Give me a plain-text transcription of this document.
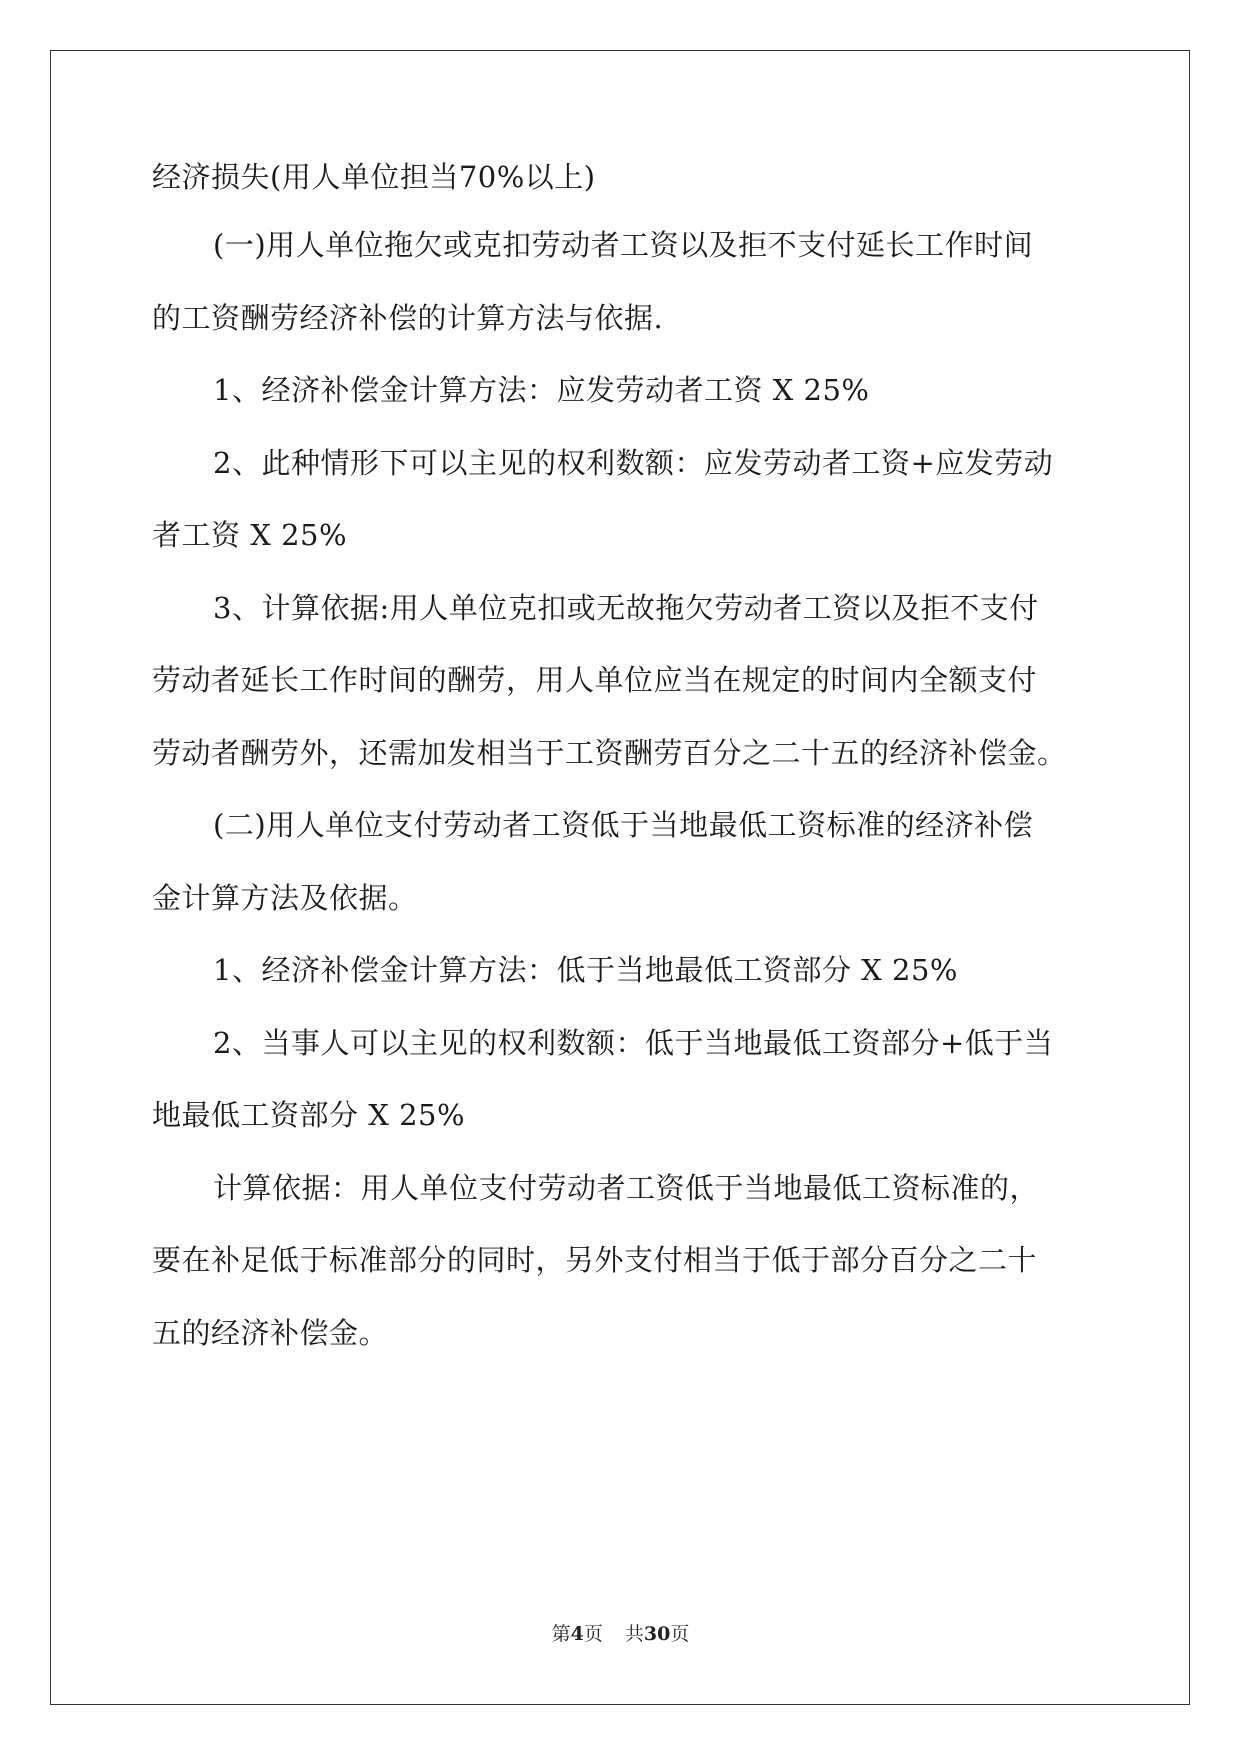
经济损失(用人单位担当70%以上)
(一)用人单位拖欠或克扣劳动者工资以及拒不支付延长工作时间
的工资酬劳经济补偿的计算方法与依据.
1、经济补偿金计算方法：应发劳动者工资 X 25%
2、此种情形下可以主见的权利数额：应发劳动者工资+应发劳动
者工资 X 25%
3、计算依据:用人单位克扣或无故拖欠劳动者工资以及拒不支付
劳动者延长工作时间的酬劳，用人单位应当在规定的时间内全额支付
劳动者酬劳外，还需加发相当于工资酬劳百分之二十五的经济补偿金。
(二)用人单位支付劳动者工资低于当地最低工资标准的经济补偿
金计算方法及依据。
1、经济补偿金计算方法：低于当地最低工资部分 X 25%
2、当事人可以主见的权利数额：低于当地最低工资部分+低于当
地最低工资部分 X 25%
计算依据：用人单位支付劳动者工资低于当地最低工资标准的，
要在补足低于标准部分的同时，另外支付相当于低于部分百分之二十
五的经济补偿金。
第4页 共30页
